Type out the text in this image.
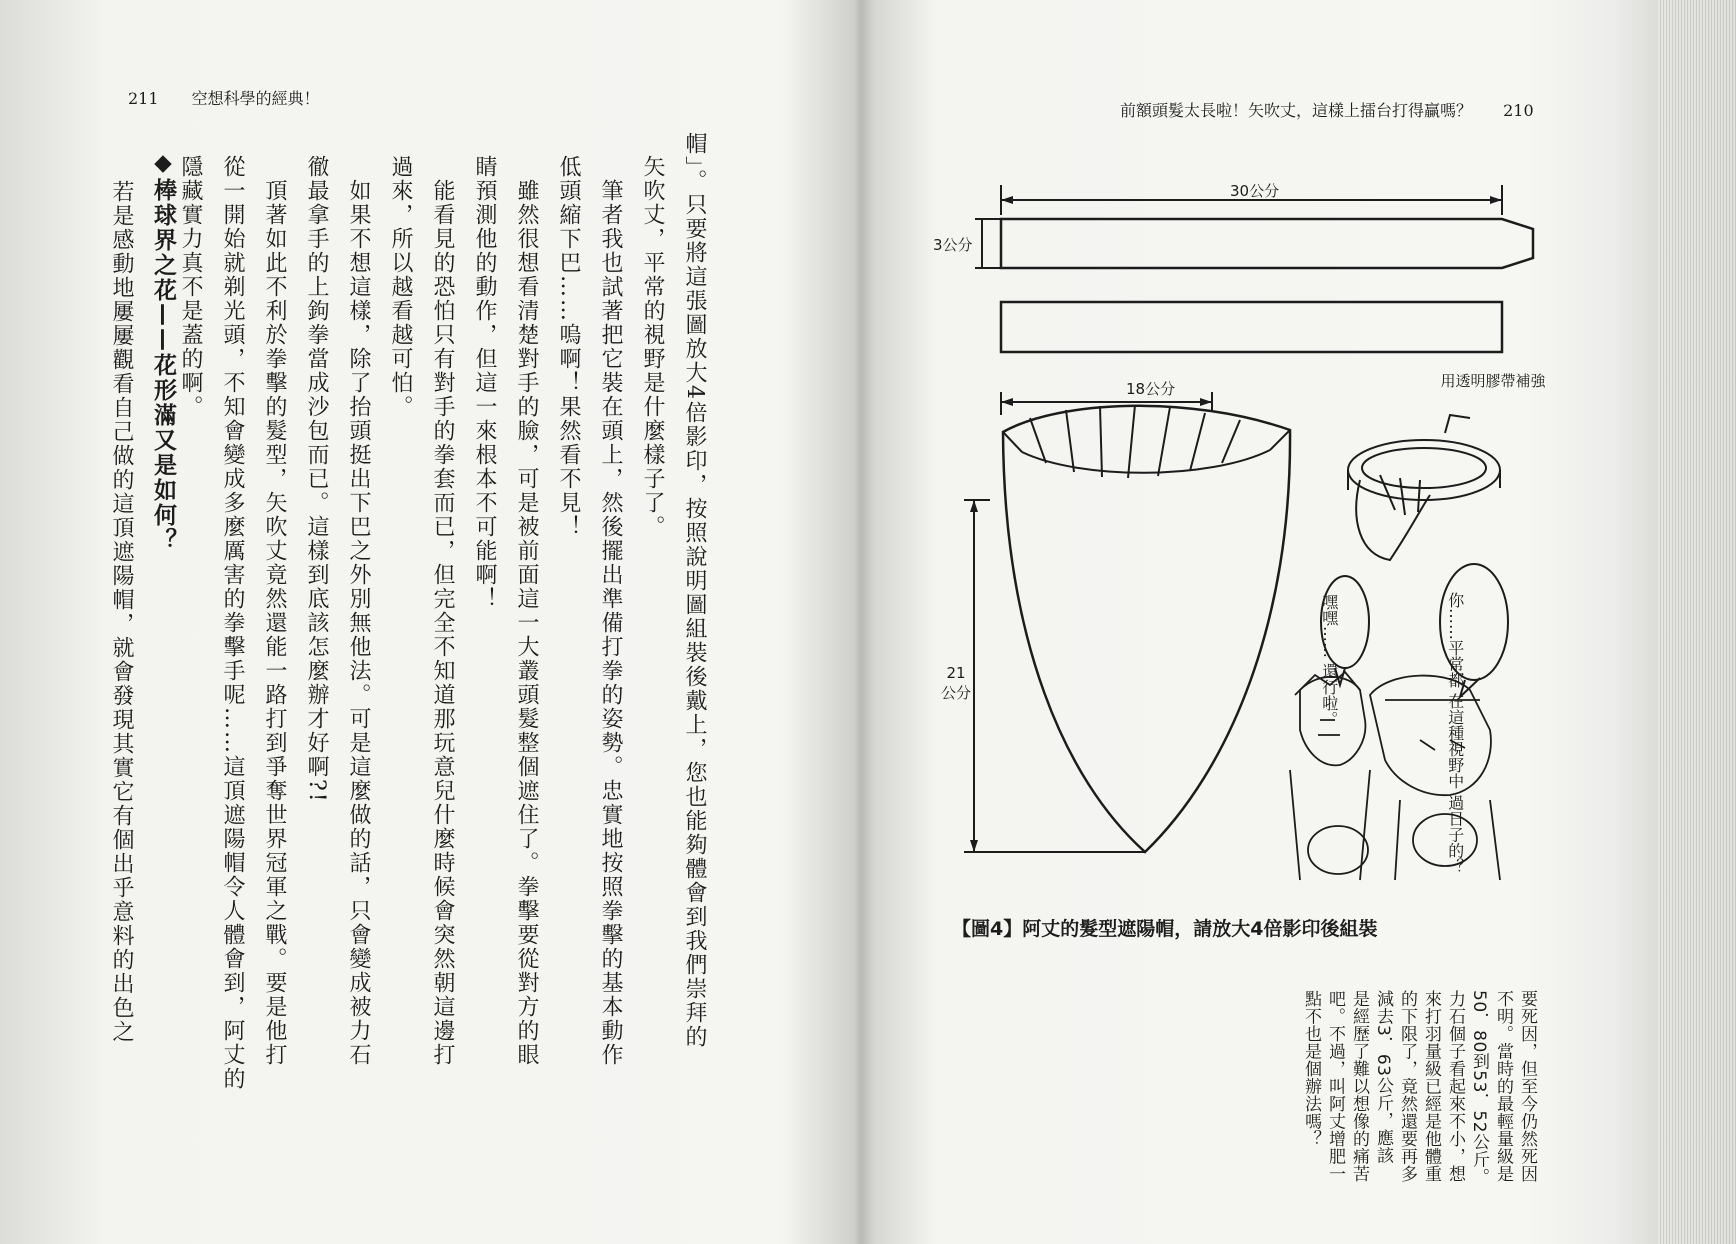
211 空想科學的經典！
帽」。只要將這張圖放大4倍影印，按照說明圖組裝後戴上，您也能夠體會到我們崇拜的
矢吹丈，平常的視野是什麼樣子了。
　筆者我也試著把它裝在頭上，然後擺出準備打拳的姿勢。忠實地按照拳擊的基本動作
低頭縮下巴……嗚啊！果然看不見！
　雖然很想看清楚對手的臉，可是被前面這一大叢頭髮整個遮住了。拳擊要從對方的眼
睛預測他的動作，但這一來根本不可能啊！
　能看見的恐怕只有對手的拳套而已，但完全不知道那玩意兒什麼時候會突然朝這邊打
過來，所以越看越可怕。
　如果不想這樣，除了抬頭挺出下巴之外別無他法。可是這麼做的話，只會變成被力石
徹最拿手的上鉤拳當成沙包而已。這樣到底該怎麼辦才好啊?!
　頂著如此不利於拳擊的髮型，矢吹丈竟然還能一路打到爭奪世界冠軍之戰。要是他打
從一開始就剃光頭，不知會變成多麼厲害的拳擊手呢……這頂遮陽帽令人體會到，阿丈的
隱藏實力真不是蓋的啊。
◆棒球界之花——花形滿又是如何？
若是感動地屢屢觀看自己做的這頂遮陽帽，就會發現其實它有個出乎意料的出色之
前額頭髮太長啦！矢吹丈，這樣上擂台打得贏嗎？ 210
30公分
3公分
18公分
21公分
用透明膠帶補強
嘿嘿…… 還行啦。
你……平常都 在這種視野中 過日子的？
【圖4】阿丈的髮型遮陽帽，請放大4倍影印後組裝
要死因，但至今仍然死因
不明。當時的最輕量級是
50．80到53．52公斤。
力石個子看起來不小，想
來打羽量級已經是他體重
的下限了，竟然還要再多
減去3．63公斤，應該
是經歷了難以想像的痛苦
吧。不過，叫阿丈增肥一
點不也是個辦法嗎？
